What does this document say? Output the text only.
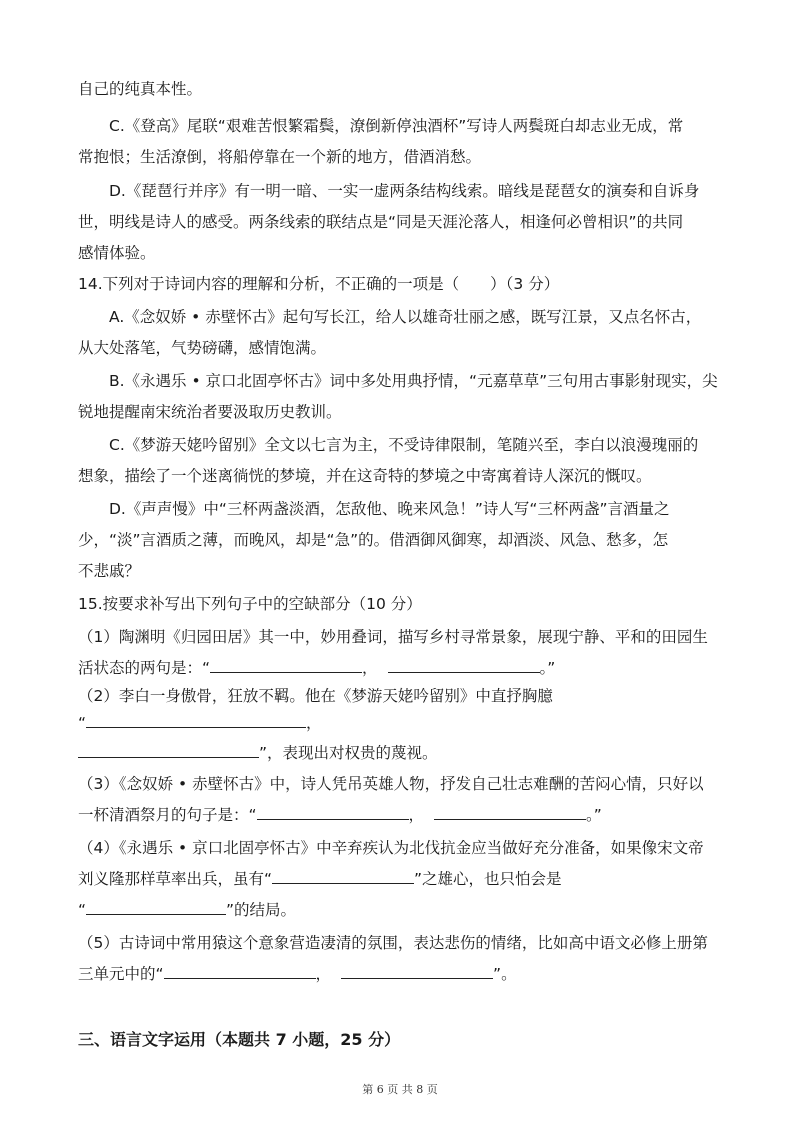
自己的纯真本性。
C.《登高》尾联“艰难苦恨繁霜鬓，潦倒新停浊酒杯”写诗人两鬓斑白却志业无成，常
常抱恨；生活潦倒，将船停靠在一个新的地方，借酒消愁。
D.《琵琶行并序》有一明一暗、一实一虚两条结构线索。暗线是琵琶女的演奏和自诉身
世，明线是诗人的感受。两条线索的联结点是“同是天涯沦落人，相逢何必曾相识”的共同
感情体验。
14.下列对于诗词内容的理解和分析，不正确的一项是（　　）（3 分）
A.《念奴娇 • 赤壁怀古》起句写长江，给人以雄奇壮丽之感，既写江景，又点名怀古，
从大处落笔，气势磅礴，感情饱满。
B.《永遇乐 • 京口北固亭怀古》词中多处用典抒情，“元嘉草草”三句用古事影射现实，尖
锐地提醒南宋统治者要汲取历史教训。
C.《梦游天姥吟留别》全文以七言为主，不受诗律限制，笔随兴至，李白以浪漫瑰丽的
想象，描绘了一个迷离徜恍的梦境，并在这奇特的梦境之中寄寓着诗人深沉的慨叹。
D.《声声慢》中“三杯两盏淡酒，怎敌他、晚来风急！”诗人写“三杯两盏”言酒量之
少，“淡”言酒质之薄，而晚风，却是“急”的。借酒御风御寒，却酒淡、风急、愁多，怎
不悲戚？
15.按要求补写出下列句子中的空缺部分（10 分）
（1）陶渊明《归园田居》其一中，妙用叠词，描写乡村寻常景象，展现宁静、平和的田园生
活状态的两句是：“	，	。”
（2）李白一身傲骨，狂放不羁。他在《梦游天姥吟留别》中直抒胸臆
“	，
”，表现出对权贵的蔑视。
（3）《念奴娇 • 赤壁怀古》中，诗人凭吊英雄人物，抒发自己壮志难酬的苦闷心情，只好以
一杯清酒祭月的句子是：“	，	。”
（4）《永遇乐 • 京口北固亭怀古》中辛弃疾认为北伐抗金应当做好充分准备，如果像宋文帝
刘义隆那样草率出兵，虽有“	”之雄心，也只怕会是
“	”的结局。
（5）古诗词中常用猿这个意象营造凄清的氛围，表达悲伤的情绪，比如高中语文必修上册第
三单元中的“	，	”。
三、语言文字运用（本题共 7 小题，25 分）
第 6 页 共 8 页
